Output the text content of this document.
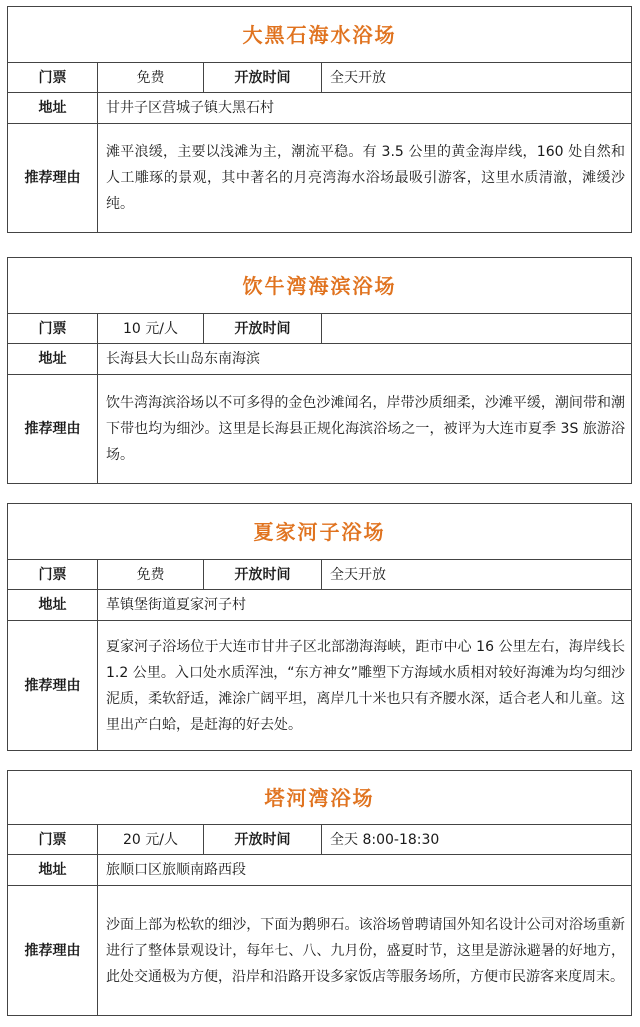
大黑石海水浴场			
门票	免费	开放时间	全天开放
地址	甘井子区营城子镇大黑石村		
推荐理由	滩平浪缓，主要以浅滩为主，潮流平稳。有 3.5 公里的黄金海岸线，160 处自然和人工雕琢的景观，其中著名的月亮湾海水浴场最吸引游客，这里水质清澈，滩缓沙纯。		
饮牛湾海滨浴场			
门票	10 元/人	开放时间	
地址	长海县大长山岛东南海滨		
推荐理由	饮牛湾海滨浴场以不可多得的金色沙滩闻名，岸带沙质细柔，沙滩平缓，潮间带和潮下带也均为细沙。这里是长海县正规化海滨浴场之一，被评为大连市夏季 3S 旅游浴场。		
夏家河子浴场			
门票	免费	开放时间	全天开放
地址	革镇堡街道夏家河子村		
推荐理由	夏家河子浴场位于大连市甘井子区北部渤海海峡，距市中心 16 公里左右，海岸线长 1.2 公里。入口处水质浑浊，“东方神女”雕塑下方海域水质相对较好海滩为均匀细沙泥质，柔软舒适，滩涂广阔平坦，离岸几十米也只有齐腰水深，适合老人和儿童。这里出产白蛤，是赶海的好去处。		
塔河湾浴场			
门票	20 元/人	开放时间	全天 8:00-18:30
地址	旅顺口区旅顺南路西段		
推荐理由	沙面上部为松软的细沙，下面为鹅卵石。该浴场曾聘请国外知名设计公司对浴场重新进行了整体景观设计，每年七、八、九月份，盛夏时节，这里是游泳避暑的好地方，此处交通极为方便，沿岸和沿路开设多家饭店等服务场所，方便市民游客来度周末。		
